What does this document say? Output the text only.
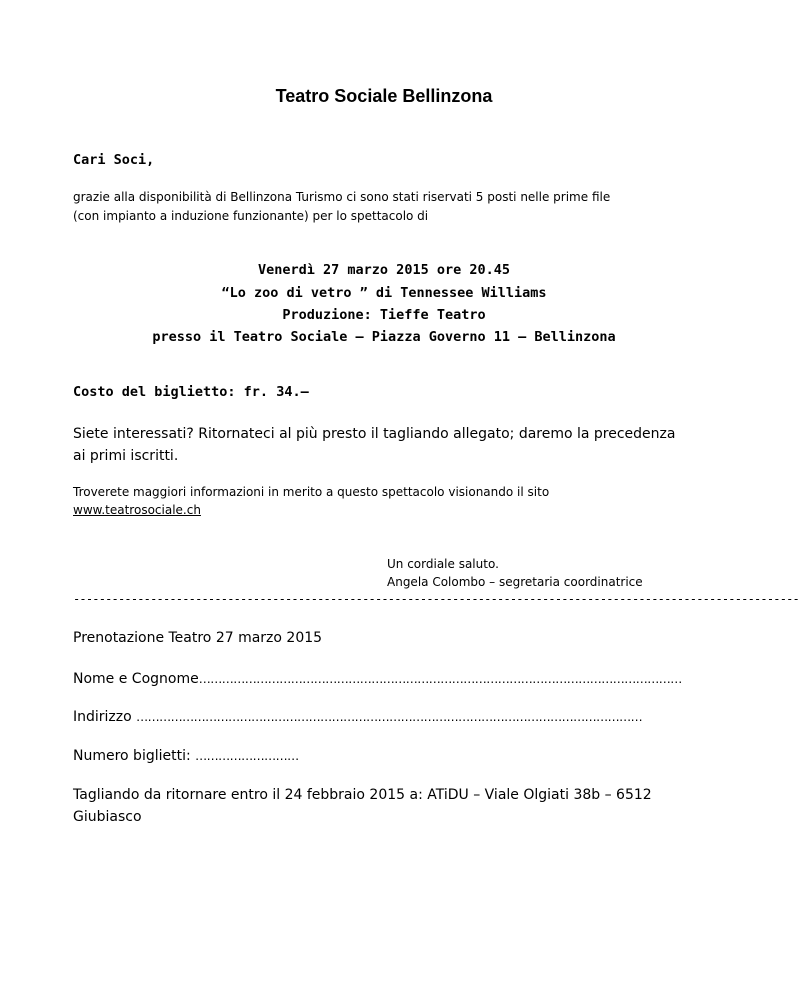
Teatro Sociale Bellinzona
Cari Soci,
grazie alla disponibilità di Bellinzona Turismo ci sono stati riservati 5 posti nelle prime file
(con impianto a induzione funzionante) per lo spettacolo di
Venerdì 27 marzo 2015 ore 20.45
“Lo zoo di vetro ” di Tennessee Williams
Produzione: Tieffe Teatro
presso il Teatro Sociale – Piazza Governo 11 – Bellinzona
Costo del biglietto: fr. 34.—
Siete interessati? Ritornateci al più presto il tagliando allegato; daremo la precedenza
ai primi iscritti.
Troverete maggiori informazioni in merito a questo spettacolo visionando il sito
www.teatrosociale.ch
Un cordiale saluto.
Angela Colombo – segretaria coordinatrice
-----------------------------------------------------------------------------------------------------------------
Prenotazione Teatro 27 marzo 2015
Nome e Cognome………………………………………………………………………………………………………………
Indirizzo ……………………………………………………………………………………………………………………
Numero biglietti: ………………………
Tagliando da ritornare entro il 24 febbraio 2015 a: ATiDU – Viale Olgiati 38b – 6512
Giubiasco
